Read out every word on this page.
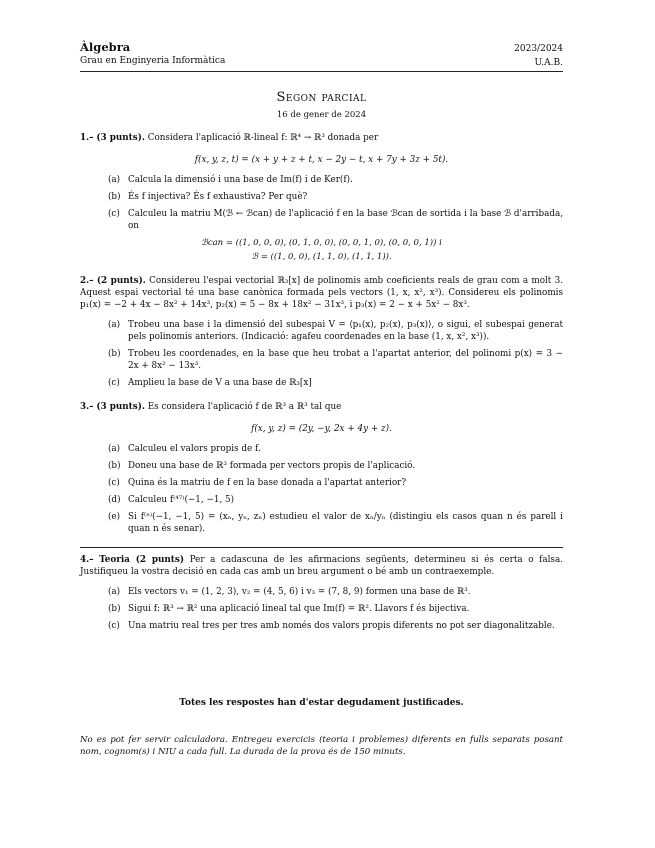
Àlgebra
Grau en Enginyeria Informàtica
2023/2024
U.A.B.
Segon parcial
16 de gener de 2024
1.– (3 punts). Considera l'aplicació ℝ-lineal f: ℝ⁴ → ℝ³ donada per
f(x, y, z, t) = (x + y + z + t, x − 2y − t, x + 7y + 3z + 5t).
(a) Calcula la dimensió i una base de Im(f) i de Ker(f).
(b) És f injectiva? És f exhaustiva? Per què?
(c) Calculeu la matriu M(ℬ ← ℬcan) de l'aplicació f en la base ℬcan de sortida i la base ℬ d'arribada, on
ℬcan = ((1, 0, 0, 0), (0, 1, 0, 0), (0, 0, 1, 0), (0, 0, 0, 1)) i
ℬ = ((1, 0, 0), (1, 1, 0), (1, 1, 1)).
2.– (2 punts). Considereu l'espai vectorial ℝ₃[x] de polinomis amb coeficients reals de grau com a molt 3. Aquest espai vectorial té una base canònica formada pels vectors (1, x, x², x³). Considereu els polinomis p₁(x) = −2 + 4x − 8x² + 14x³, p₂(x) = 5 − 8x + 18x² − 31x³, i p₃(x) = 2 − x + 5x² − 8x³.
(a) Trobeu una base i la dimensió del subespai V = ⟨p₁(x), p₂(x), p₃(x)⟩, o sigui, el subespai generat pels polinomis anteriors. (Indicació: agafeu coordenades en la base (1, x, x², x³)).
(b) Trobeu les coordenades, en la base que heu trobat a l'apartat anterior, del polinomi p(x) = 3 − 2x + 8x² − 13x³.
(c) Amplieu la base de V a una base de ℝ₃[x]
3.– (3 punts). Es considera l'aplicació f de ℝ³ a ℝ³ tal que
f(x, y, z) = (2y, −y, 2x + 4y + z).
(a) Calculeu el valors propis de f.
(b) Doneu una base de ℝ³ formada per vectors propis de l'aplicació.
(c) Quina és la matriu de f en la base donada a l'apartat anterior?
(d) Calculeu f⁽⁴⁷⁾(−1, −1, 5)
(e) Si f⁽ⁿ⁾(−1, −1, 5) = (xₙ, yₙ, zₙ) estudieu el valor de xₙ/yₙ (distingiu els casos quan n és parell i quan n és senar).
4.– Teoria (2 punts) Per a cadascuna de les afirmacions següents, determineu si és certa o falsa. Justifiqueu la vostra decisió en cada cas amb un breu argument o bé amb un contraexemple.
(a) Els vectors v₁ = (1, 2, 3), v₂ = (4, 5, 6) i v₃ = (7, 8, 9) formen una base de ℝ³.
(b) Sigui f: ℝ³ → ℝ² una aplicació lineal tal que Im(f) = ℝ². Llavors f és bijectiva.
(c) Una matriu real tres per tres amb només dos valors propis diferents no pot ser diagonalitzable.
Totes les respostes han d'estar degudament justificades.
No es pot fer servir calculadora. Entregeu exercicis (teoria i problemes) diferents en fulls separats posant nom, cognom(s) i NIU a cada full. La durada de la prova és de 150 minuts.
